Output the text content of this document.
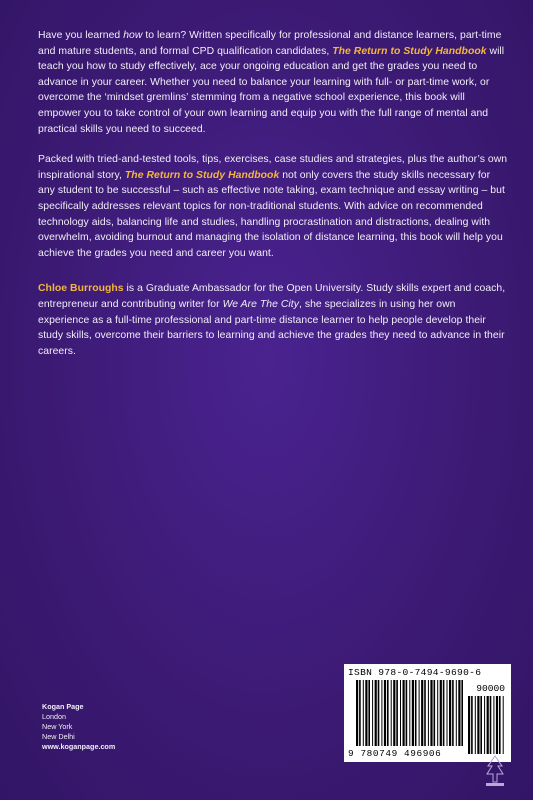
Have you learned how to learn? Written specifically for professional and distance learners, part-time and mature students, and formal CPD qualification candidates, The Return to Study Handbook will teach you how to study effectively, ace your ongoing education and get the grades you need to advance in your career. Whether you need to balance your learning with full- or part-time work, or overcome the ‘mindset gremlins’ stemming from a negative school experience, this book will empower you to take control of your own learning and equip you with the full range of mental and practical skills you need to succeed.

Packed with tried-and-tested tools, tips, exercises, case studies and strategies, plus the author’s own inspirational story, The Return to Study Handbook not only covers the study skills necessary for any student to be successful – such as effective note taking, exam technique and essay writing – but specifically addresses relevant topics for non-traditional students. With advice on recommended technology aids, balancing life and studies, handling procrastination and distractions, dealing with overwhelm, avoiding burnout and managing the isolation of distance learning, this book will help you achieve the grades you need and career you want.

Chloe Burroughs is a Graduate Ambassador for the Open University. Study skills expert and coach, entrepreneur and contributing writer for We Are The City, she specializes in using her own experience as a full-time professional and part-time distance learner to help people develop their study skills, overcome their barriers to learning and achieve the grades they need to advance in their careers.

Kogan Page
London
New York
New Delhi
www.koganpage.com
ISBN 978-0-7494-9690-6
90000
9 780749 496906
